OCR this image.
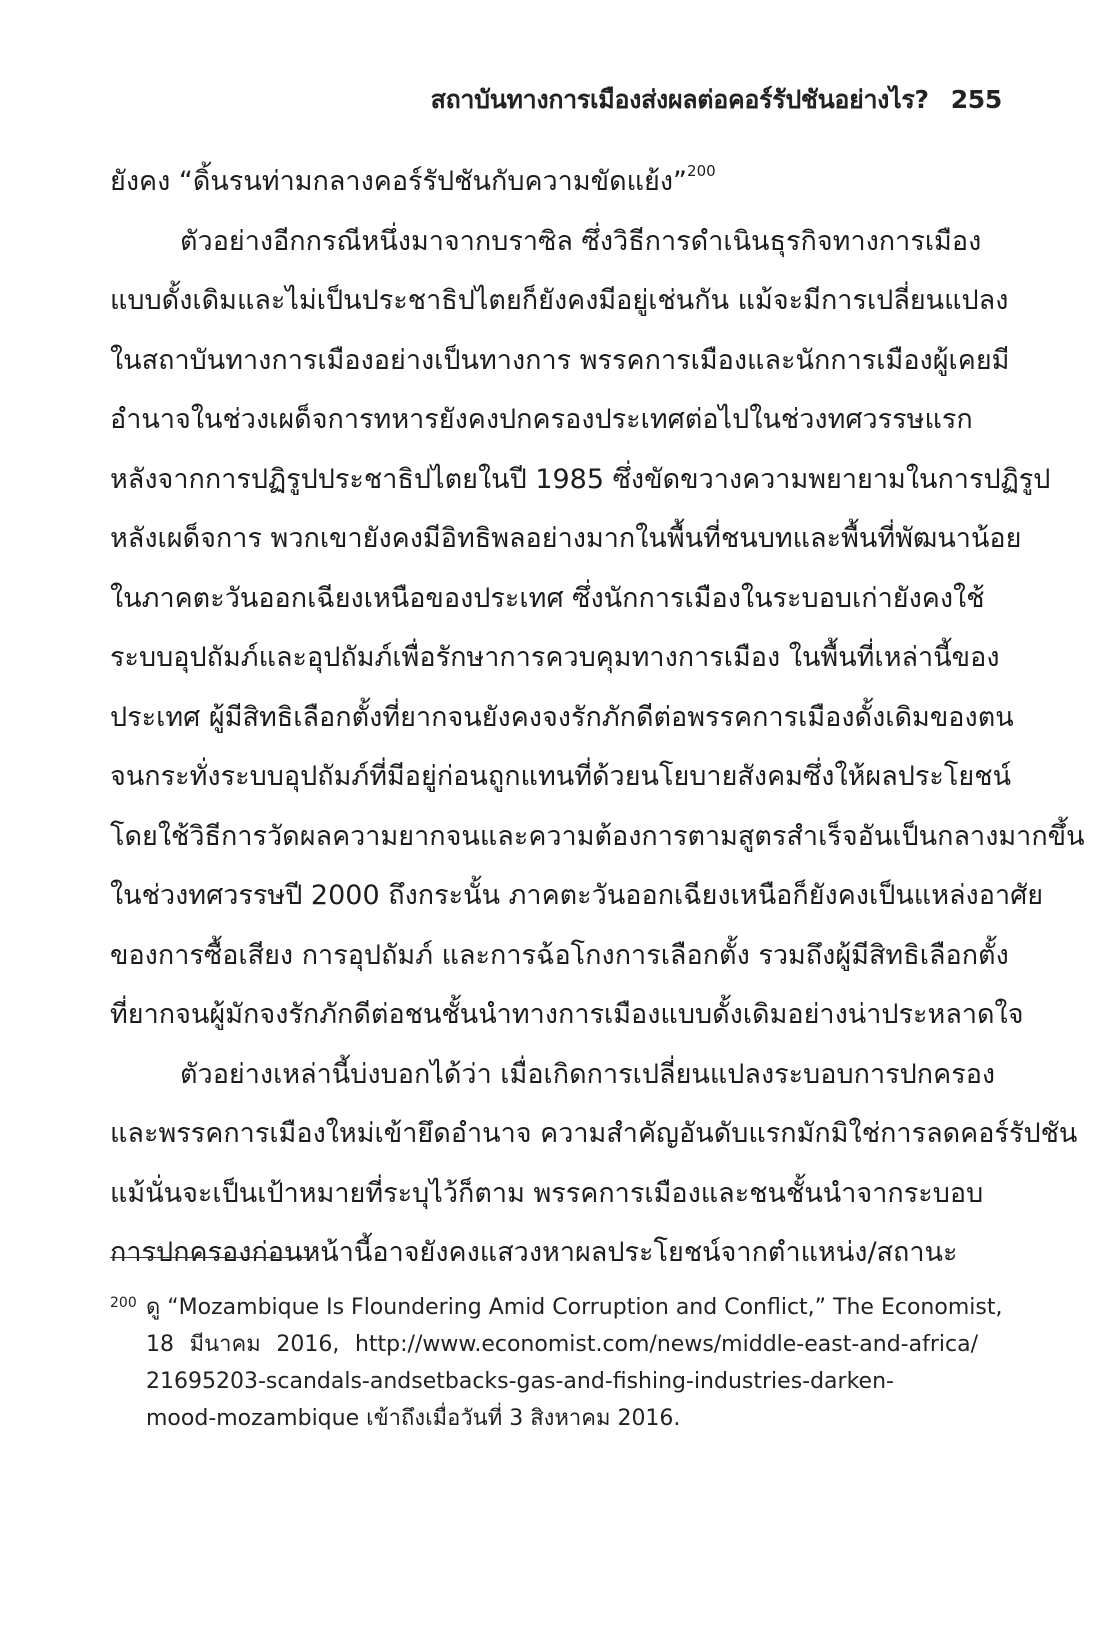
สถาบันทางการเมืองส่งผลต่อคอร์รัปชันอย่างไร? 255
ยังคง “ดิ้นรนท่ามกลางคอร์รัปชันกับความขัดแย้ง”$^{200}$
ตัวอย่างอีกกรณีหนึ่งมาจากบราซิล ซึ่งวิธีการดำเนินธุรกิจทางการเมือง
แบบดั้งเดิมและไม่เป็นประชาธิปไตยก็ยังคงมีอยู่เช่นกัน แม้จะมีการเปลี่ยนแปลง
ในสถาบันทางการเมืองอย่างเป็นทางการ พรรคการเมืองและนักการเมืองผู้เคยมี
อำนาจในช่วงเผด็จการทหารยังคงปกครองประเทศต่อไปในช่วงทศวรรษแรก
หลังจากการปฏิรูปประชาธิปไตยในปี 1985 ซึ่งขัดขวางความพยายามในการปฏิรูป
หลังเผด็จการ พวกเขายังคงมีอิทธิพลอย่างมากในพื้นที่ชนบทและพื้นที่พัฒนาน้อย
ในภาคตะวันออกเฉียงเหนือของประเทศ ซึ่งนักการเมืองในระบอบเก่ายังคงใช้
ระบบอุปถัมภ์และอุปถัมภ์เพื่อรักษาการควบคุมทางการเมือง ในพื้นที่เหล่านี้ของ
ประเทศ ผู้มีสิทธิเลือกตั้งที่ยากจนยังคงจงรักภักดีต่อพรรคการเมืองดั้งเดิมของตน
จนกระทั่งระบบอุปถัมภ์ที่มีอยู่ก่อนถูกแทนที่ด้วยนโยบายสังคมซึ่งให้ผลประโยชน์
โดยใช้วิธีการวัดผลความยากจนและความต้องการตามสูตรสำเร็จอันเป็นกลางมากขึ้น
ในช่วงทศวรรษปี 2000 ถึงกระนั้น ภาคตะวันออกเฉียงเหนือก็ยังคงเป็นแหล่งอาศัย
ของการซื้อเสียง การอุปถัมภ์ และการฉ้อโกงการเลือกตั้ง รวมถึงผู้มีสิทธิเลือกตั้ง
ที่ยากจนผู้มักจงรักภักดีต่อชนชั้นนำทางการเมืองแบบดั้งเดิมอย่างน่าประหลาดใจ
ตัวอย่างเหล่านี้บ่งบอกได้ว่า เมื่อเกิดการเปลี่ยนแปลงระบอบการปกครอง
และพรรคการเมืองใหม่เข้ายึดอำนาจ ความสำคัญอันดับแรกมักมิใช่การลดคอร์รัปชัน
แม้นั่นจะเป็นเป้าหมายที่ระบุไว้ก็ตาม พรรคการเมืองและชนชั้นนำจากระบอบ
การปกครองก่อนหน้านี้อาจยังคงแสวงหาผลประโยชน์จากตำแหน่ง/สถานะ
200 ดู “Mozambique Is Floundering Amid Corruption and Conflict,” The Economist,
18 มีนาคม 2016, http://www.economist.com/news/middle-east-and-africa/
21695203-scandals-andsetbacks-gas-and-fishing-industries-darken-
mood-mozambique เข้าถึงเมื่อวันที่ 3 สิงหาคม 2016.
